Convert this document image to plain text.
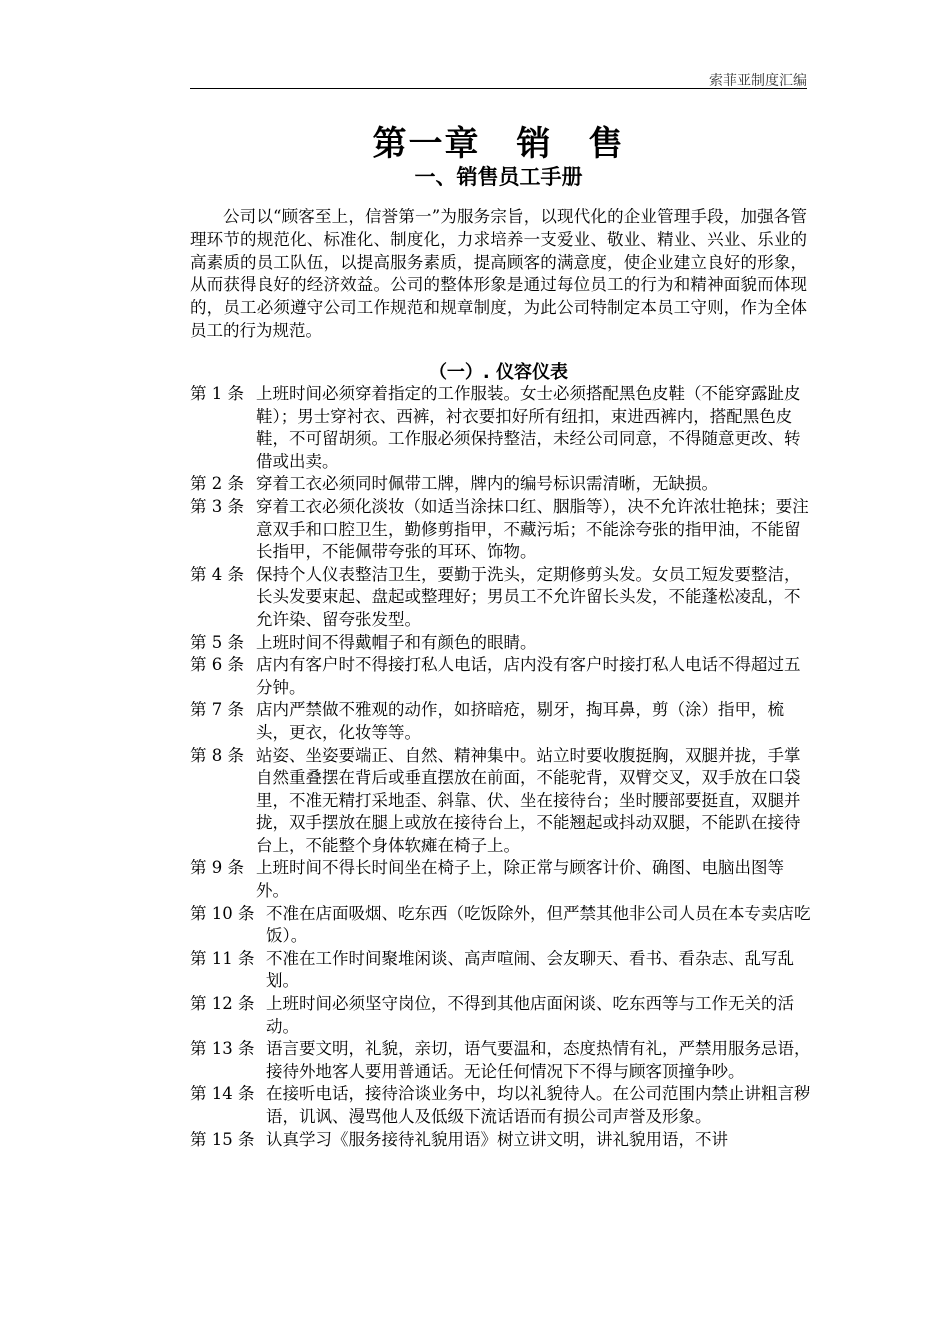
索菲亚制度汇编
第一章　销　售
一、销售员工手册

公司以“顾客至上，信誉第一”为服务宗旨，以现代化的企业管理手段，加强各管理环节的规范化、标准化、制度化，力求培养一支爱业、敬业、精业、兴业、乐业的高素质的员工队伍，以提高服务素质，提高顾客的满意度，使企业建立良好的形象，从而获得良好的经济效益。公司的整体形象是通过每位员工的行为和精神面貌而体现的，员工必须遵守公司工作规范和规章制度，为此公司特制定本员工守则，作为全体员工的行为规范。

（一）. 仪容仪表
第 1 条 上班时间必须穿着指定的工作服装。女士必须搭配黑色皮鞋（不能穿露趾皮鞋）；男士穿衬衣、西裤，衬衣要扣好所有纽扣，束进西裤内，搭配黑色皮鞋，不可留胡须。工作服必须保持整洁，未经公司同意，不得随意更改、转借或出卖。
第 2 条 穿着工衣必须同时佩带工牌，牌内的编号标识需清晰，无缺损。
第 3 条 穿着工衣必须化淡妆（如适当涂抹口红、胭脂等），决不允许浓壮艳抹；要注意双手和口腔卫生，勤修剪指甲，不藏污垢；不能涂夸张的指甲油，不能留长指甲，不能佩带夸张的耳环、饰物。
第 4 条 保持个人仪表整洁卫生，要勤于洗头，定期修剪头发。女员工短发要整洁，长头发要束起、盘起或整理好；男员工不允许留长头发，不能蓬松凌乱，不允许染、留夸张发型。
第 5 条 上班时间不得戴帽子和有颜色的眼睛。
第 6 条 店内有客户时不得接打私人电话，店内没有客户时接打私人电话不得超过五分钟。
第 7 条 店内严禁做不雅观的动作，如挤暗疮，剔牙，掏耳鼻，剪（涂）指甲，梳头，更衣，化妆等等。
第 8 条 站姿、坐姿要端正、自然、精神集中。站立时要收腹挺胸，双腿并拢，手掌自然重叠摆在背后或垂直摆放在前面，不能驼背，双臂交叉，双手放在口袋里，不准无精打采地歪、斜靠、伏、坐在接待台；坐时腰部要挺直，双腿并拢，双手摆放在腿上或放在接待台上，不能翘起或抖动双腿，不能趴在接待台上，不能整个身体软瘫在椅子上。
第 9 条 上班时间不得长时间坐在椅子上，除正常与顾客计价、确图、电脑出图等外。
第 10 条 不准在店面吸烟、吃东西（吃饭除外，但严禁其他非公司人员在本专卖店吃饭）。
第 11 条 不准在工作时间聚堆闲谈、高声喧闹、会友聊天、看书、看杂志、乱写乱划。
第 12 条 上班时间必须坚守岗位，不得到其他店面闲谈、吃东西等与工作无关的活动。
第 13 条 语言要文明，礼貌，亲切，语气要温和，态度热情有礼，严禁用服务忌语，接待外地客人要用普通话。无论任何情况下不得与顾客顶撞争吵。
第 14 条 在接听电话，接待洽谈业务中，均以礼貌待人。在公司范围内禁止讲粗言秽语，讥讽、漫骂他人及低级下流话语而有损公司声誉及形象。
第 15 条 认真学习《服务接待礼貌用语》树立讲文明，讲礼貌用语，不讲
